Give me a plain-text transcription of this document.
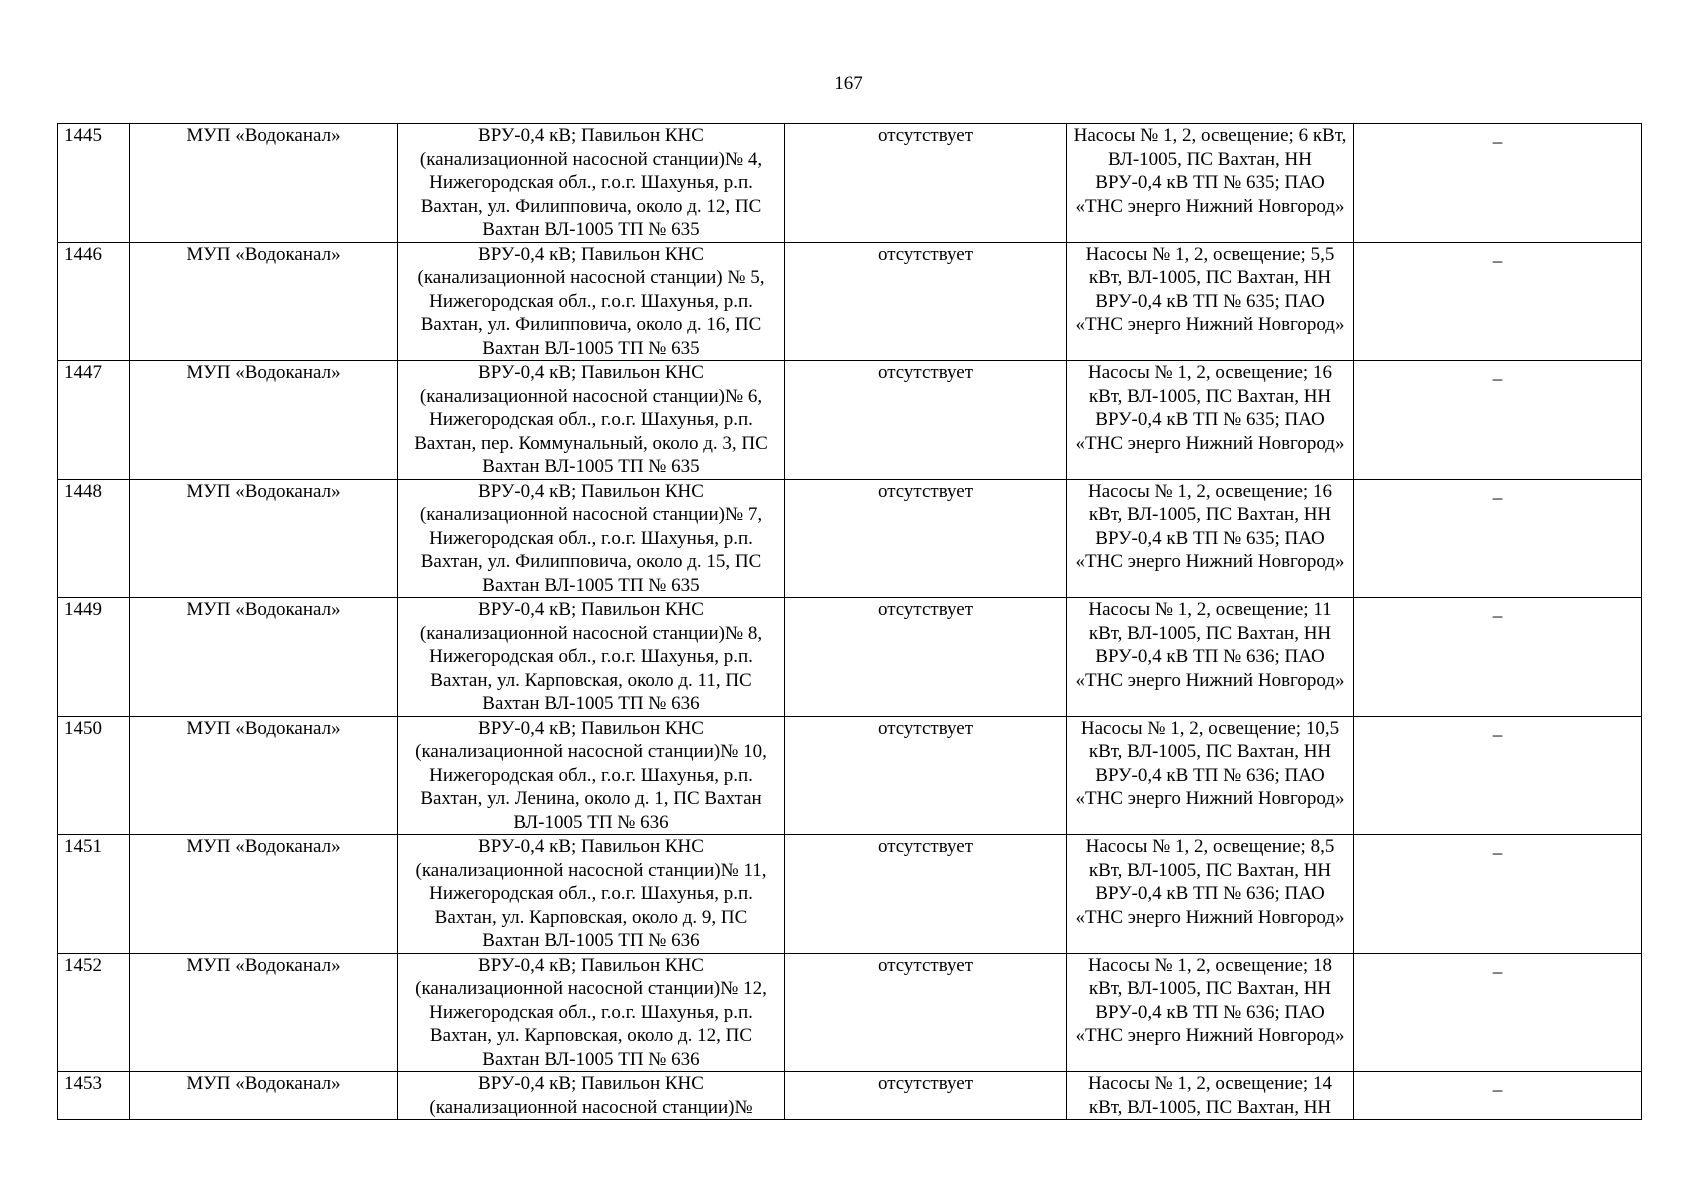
167
1445	МУП «Водоканал»	ВРУ-0,4 кВ; Павильон КНС (канализационной насосной станции)№ 4, Нижегородская обл., г.о.г. Шахунья, р.п. Вахтан, ул. Филипповича, около д. 12, ПС Вахтан ВЛ-1005 ТП № 635	отсутствует	Насосы № 1, 2, освещение; 6 кВт, ВЛ-1005, ПС Вахтан, НН ВРУ-0,4 кВ ТП № 635; ПАО «ТНС энерго Нижний Новгород»	_
1446	МУП «Водоканал»	ВРУ-0,4 кВ; Павильон КНС (канализационной насосной станции) № 5, Нижегородская обл., г.о.г. Шахунья, р.п. Вахтан, ул. Филипповича, около д. 16, ПС Вахтан ВЛ-1005 ТП № 635	отсутствует	Насосы № 1, 2, освещение; 5,5 кВт, ВЛ-1005, ПС Вахтан, НН ВРУ-0,4 кВ ТП № 635; ПАО «ТНС энерго Нижний Новгород»	_
1447	МУП «Водоканал»	ВРУ-0,4 кВ; Павильон КНС (канализационной насосной станции)№ 6, Нижегородская обл., г.о.г. Шахунья, р.п. Вахтан, пер. Коммунальный, около д. 3, ПС Вахтан ВЛ-1005 ТП № 635	отсутствует	Насосы № 1, 2, освещение; 16 кВт, ВЛ-1005, ПС Вахтан, НН ВРУ-0,4 кВ ТП № 635; ПАО «ТНС энерго Нижний Новгород»	_
1448	МУП «Водоканал»	ВРУ-0,4 кВ; Павильон КНС (канализационной насосной станции)№ 7, Нижегородская обл., г.о.г. Шахунья, р.п. Вахтан, ул. Филипповича, около д. 15, ПС Вахтан ВЛ-1005 ТП № 635	отсутствует	Насосы № 1, 2, освещение; 16 кВт, ВЛ-1005, ПС Вахтан, НН ВРУ-0,4 кВ ТП № 635; ПАО «ТНС энерго Нижний Новгород»	_
1449	МУП «Водоканал»	ВРУ-0,4 кВ; Павильон КНС (канализационной насосной станции)№ 8, Нижегородская обл., г.о.г. Шахунья, р.п. Вахтан, ул. Карповская, около д. 11, ПС Вахтан ВЛ-1005 ТП № 636	отсутствует	Насосы № 1, 2, освещение; 11 кВт, ВЛ-1005, ПС Вахтан, НН ВРУ-0,4 кВ ТП № 636; ПАО «ТНС энерго Нижний Новгород»	_
1450	МУП «Водоканал»	ВРУ-0,4 кВ; Павильон КНС (канализационной насосной станции)№ 10, Нижегородская обл., г.о.г. Шахунья, р.п. Вахтан, ул. Ленина, около д. 1, ПС Вахтан ВЛ-1005 ТП № 636	отсутствует	Насосы № 1, 2, освещение; 10,5 кВт, ВЛ-1005, ПС Вахтан, НН ВРУ-0,4 кВ ТП № 636; ПАО «ТНС энерго Нижний Новгород»	_
1451	МУП «Водоканал»	ВРУ-0,4 кВ; Павильон КНС (канализационной насосной станции)№ 11, Нижегородская обл., г.о.г. Шахунья, р.п. Вахтан, ул. Карповская, около д. 9, ПС Вахтан ВЛ-1005 ТП № 636	отсутствует	Насосы № 1, 2, освещение; 8,5 кВт, ВЛ-1005, ПС Вахтан, НН ВРУ-0,4 кВ ТП № 636; ПАО «ТНС энерго Нижний Новгород»	_
1452	МУП «Водоканал»	ВРУ-0,4 кВ; Павильон КНС (канализационной насосной станции)№ 12, Нижегородская обл., г.о.г. Шахунья, р.п. Вахтан, ул. Карповская, около д. 12, ПС Вахтан ВЛ-1005 ТП № 636	отсутствует	Насосы № 1, 2, освещение; 18 кВт, ВЛ-1005, ПС Вахтан, НН ВРУ-0,4 кВ ТП № 636; ПАО «ТНС энерго Нижний Новгород»	_
1453	МУП «Водоканал»	ВРУ-0,4 кВ; Павильон КНС (канализационной насосной станции)№	отсутствует	Насосы № 1, 2, освещение; 14 кВт, ВЛ-1005, ПС Вахтан, НН	_
